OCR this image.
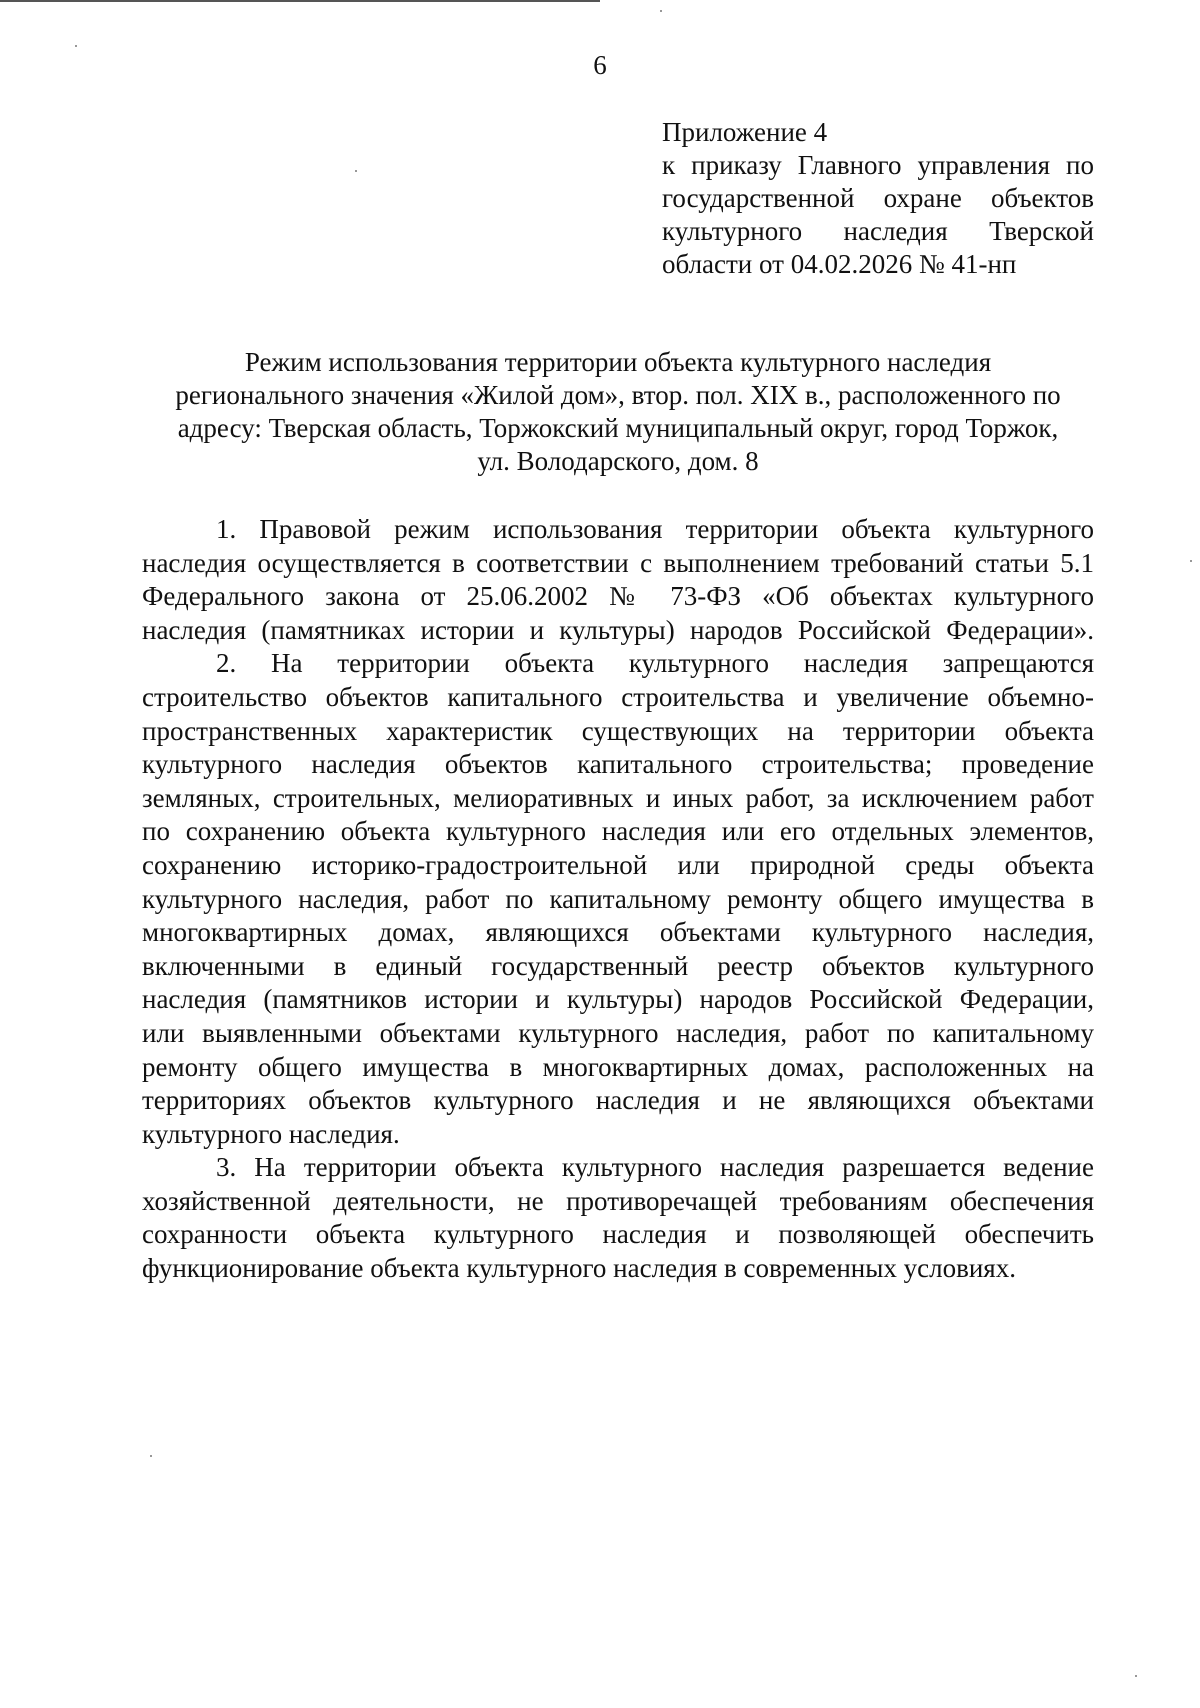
6
Приложение 4
к приказу Главного управления по
государственной охране объектов
культурного наследия Тверской
области от 04.02.2026 № 41-нп
Режим использования территории объекта культурного наследия
регионального значения «Жилой дом», втор. пол. XIX в., расположенного по
адресу: Тверская область, Торжокский муниципальный округ, город Торжок,
ул. Володарского, дом. 8
1. Правовой режим использования территории объекта культурного
наследия осуществляется в соответствии с выполнением требований статьи 5.1
Федерального закона от 25.06.2002 № 73-ФЗ «Об объектах культурного
наследия (памятниках истории и культуры) народов Российской Федерации».
2. На территории объекта культурного наследия запрещаются
строительство объектов капитального строительства и увеличение объемно-
пространственных характеристик существующих на территории объекта
культурного наследия объектов капитального строительства; проведение
земляных, строительных, мелиоративных и иных работ, за исключением работ
по сохранению объекта культурного наследия или его отдельных элементов,
сохранению историко-градостроительной или природной среды объекта
культурного наследия, работ по капитальному ремонту общего имущества в
многоквартирных домах, являющихся объектами культурного наследия,
включенными в единый государственный реестр объектов культурного
наследия (памятников истории и культуры) народов Российской Федерации,
или выявленными объектами культурного наследия, работ по капитальному
ремонту общего имущества в многоквартирных домах, расположенных на
территориях объектов культурного наследия и не являющихся объектами
культурного наследия.
3. На территории объекта культурного наследия разрешается ведение
хозяйственной деятельности, не противоречащей требованиям обеспечения
сохранности объекта культурного наследия и позволяющей обеспечить
функционирование объекта культурного наследия в современных условиях.
